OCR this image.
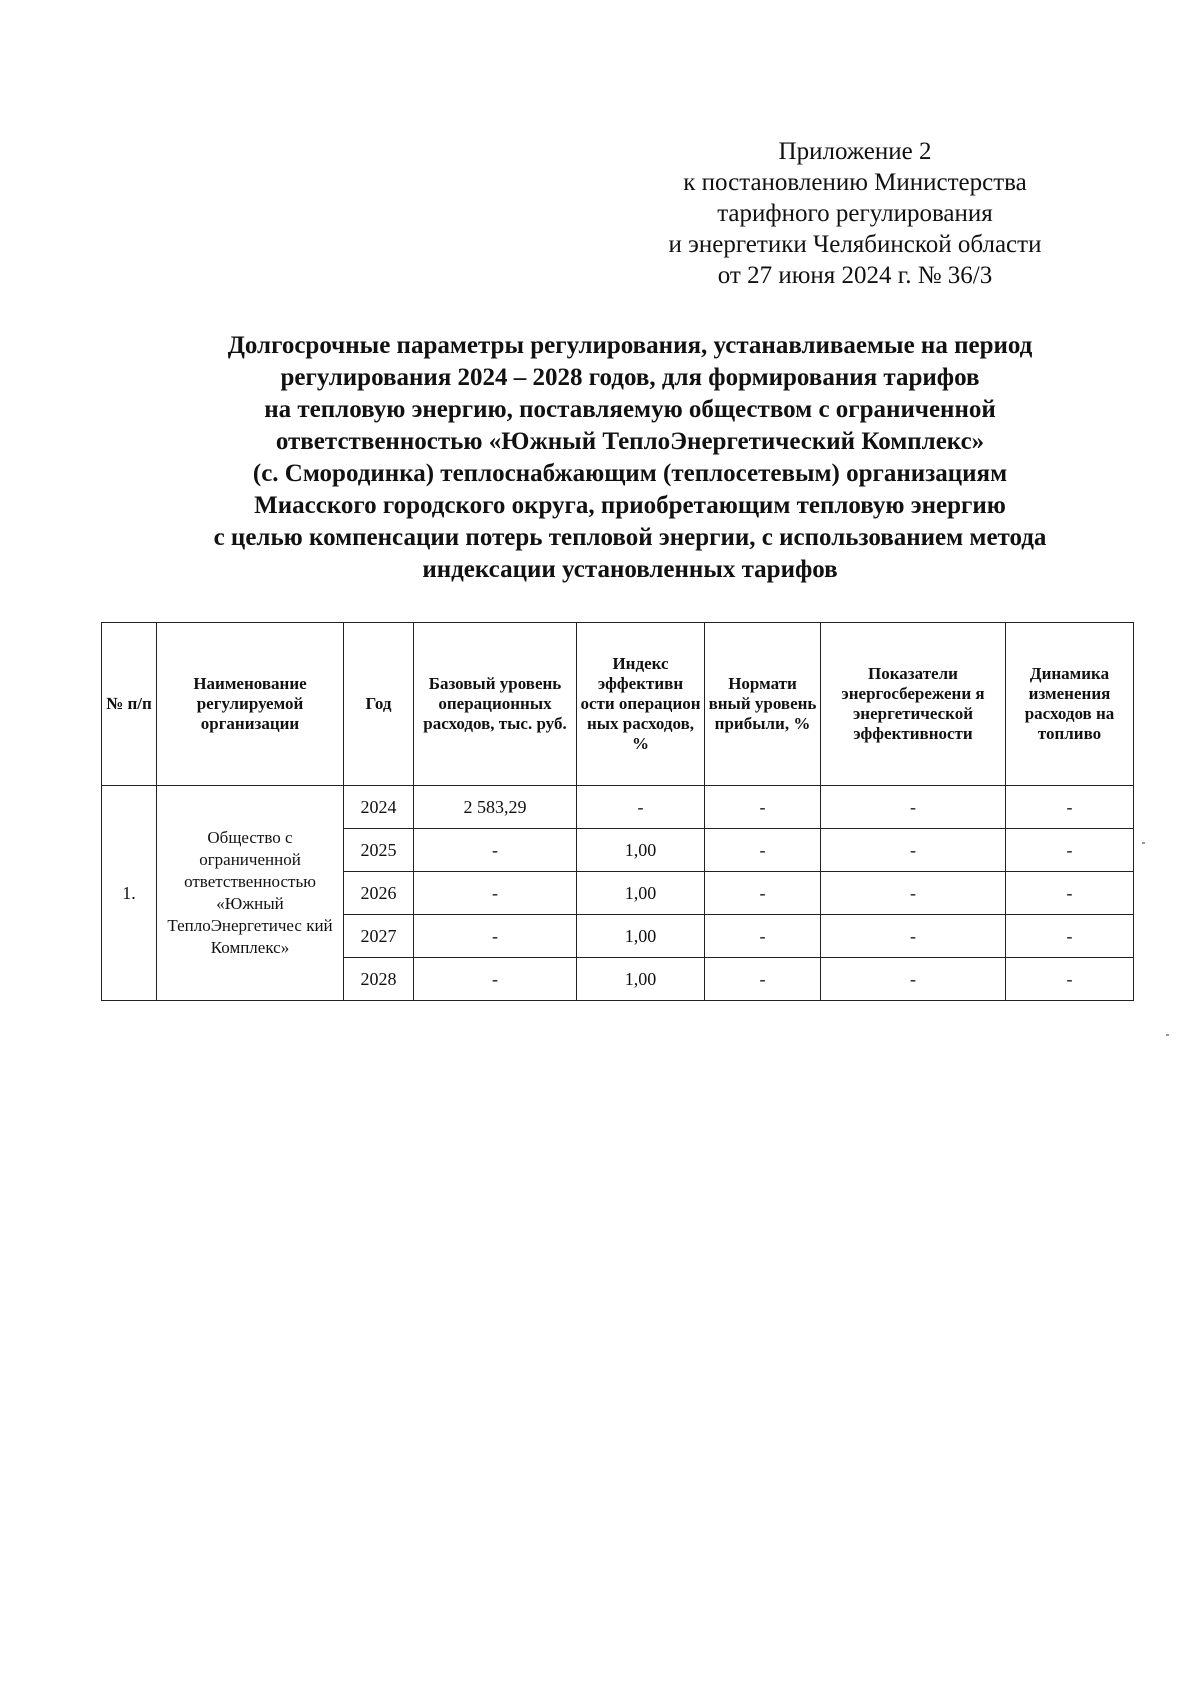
Приложение 2
к постановлению Министерства
тарифного регулирования
и энергетики Челябинской области
от 27 июня 2024 г. № 36/3
Долгосрочные параметры регулирования, устанавливаемые на период
регулирования 2024 – 2028 годов, для формирования тарифов
на тепловую энергию, поставляемую обществом с ограниченной
ответственностью «Южный ТеплоЭнергетический Комплекс»
(с. Смородинка) теплоснабжающим (теплосетевым) организациям
Миасского городского округа, приобретающим тепловую энергию
с целью компенсации потерь тепловой энергии, с использованием метода
индексации установленных тарифов
№ п/п	Наименование регулируемой организации	Год	Базовый уровень операционных расходов, тыс. руб.	Индекс эффективн ости операцион ных расходов, %	Нормати вный уровень прибыли, %	Показатели энергосбережени я энергетической эффективности	Динамика изменения расходов на топливо
1.	Общество с ограниченной ответственностью «Южный ТеплоЭнергетичес кий Комплекс»	2024	2 583,29	-	-	-	-
		2025	-	1,00	-	-	-
		2026	-	1,00	-	-	-
		2027	-	1,00	-	-	-
		2028	-	1,00	-	-	-
